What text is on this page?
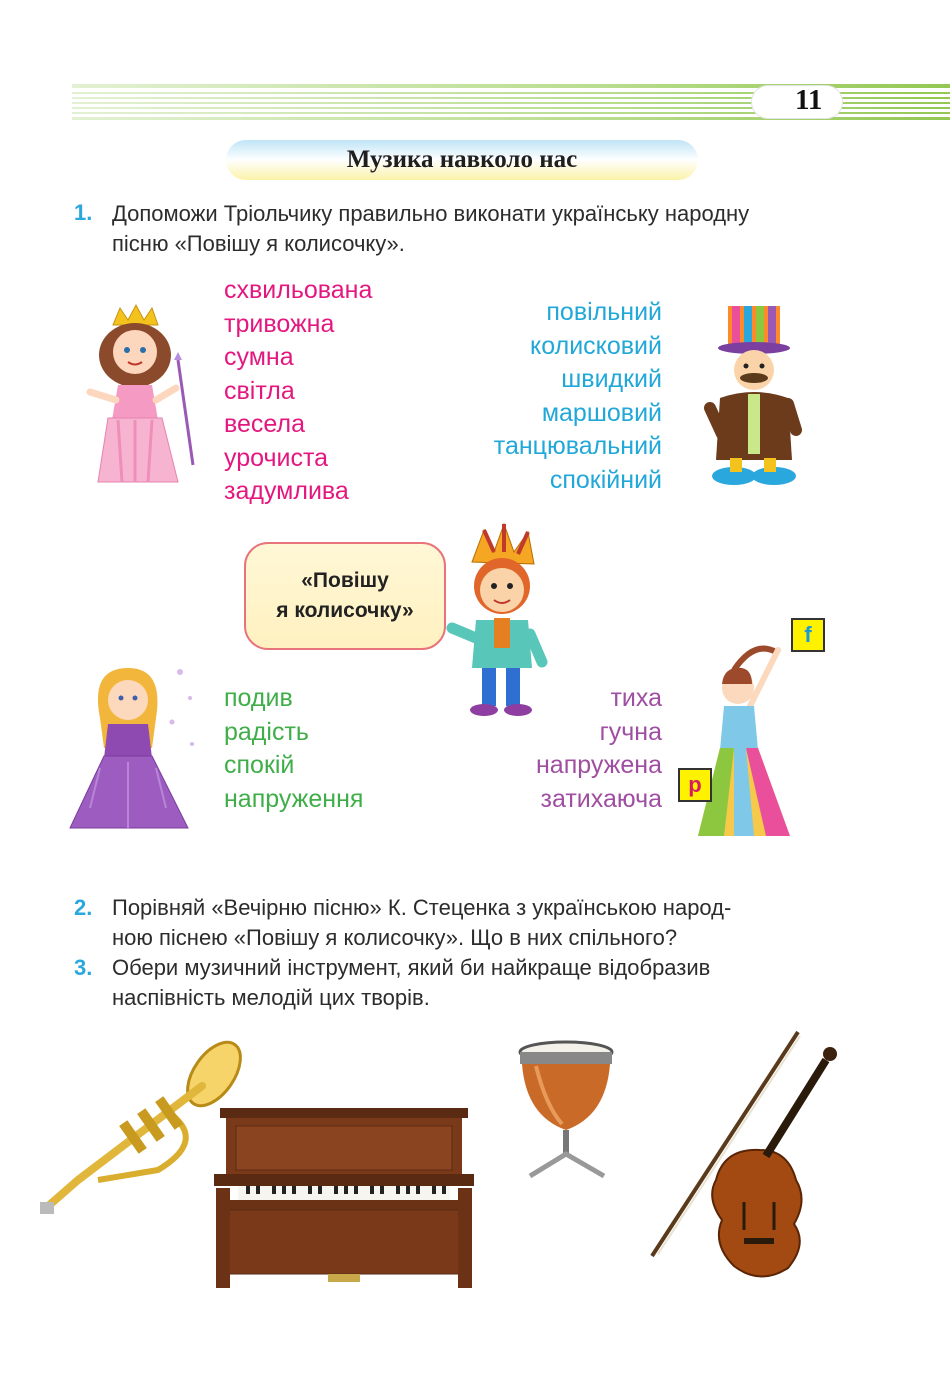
11
Музика навколо нас
1. Допоможи Тріольчику правильно виконати українську народну
пісню «Повішу я колисочку».
схвильована
тривожна
сумна
світла
весела
урочиста
задумлива
повільний
колисковий
швидкий
маршовий
танцювальний
спокійний
«Повішу
я колисочку»
подив
радість
спокій
напруження
тиха
гучна
напружена
затихаюча
f
p
2. Порівняй «Вечірню пісню» К. Стеценка з українською народ-
ною піснею «Повішу я колисочку». Що в них спільного?
3. Обери музичний інструмент, який би найкраще відобразив
наспівність мелодій цих творів.
